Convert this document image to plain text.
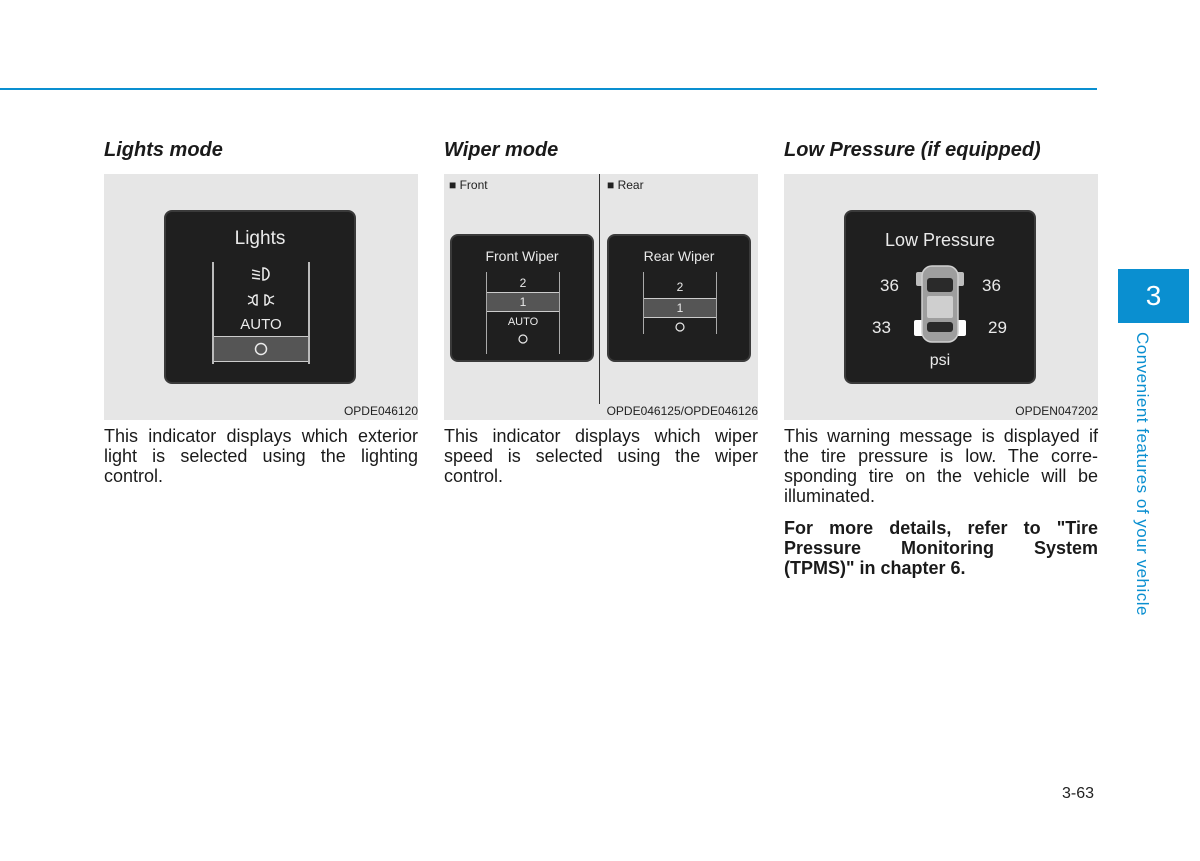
Lights mode
Lights
AUTO
OPDE046120

This indicator displays which exterior light is selected using the lighting control.

Wiper mode
■ Front	■ Rear
Front Wiper
2
1
AUTO
Rear Wiper
2
1
OPDE046125/OPDE046126

This indicator displays which wiper speed is selected using the wiper control.

Low Pressure (if equipped)
Low Pressure
36	36
33	29
psi
OPDEN047202

This warning message is displayed if the tire pressure is low. The corre-sponding tire on the vehicle will be illuminated.

For more details, refer to "Tire Pressure Monitoring System (TPMS)" in chapter 6.

3
Convenient features of your vehicle
3-63
